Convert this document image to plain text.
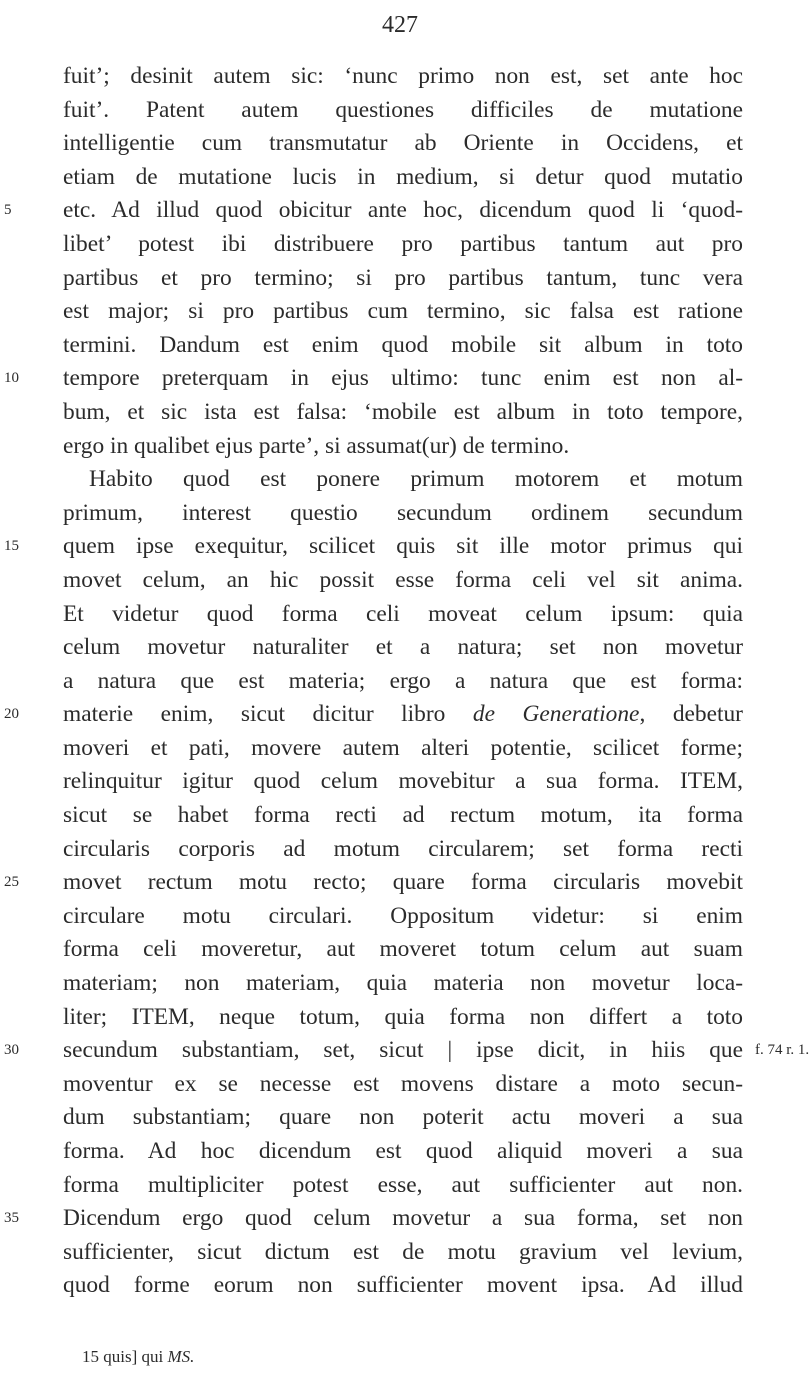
427
fuit’; desinit autem sic: ‘nunc primo non est, set ante hoc
fuit’. Patent autem questiones difficiles de mutatione
intelligentie cum transmutatur ab Oriente in Occidens, et
etiam de mutatione lucis in medium, si detur quod mutatio
5	etc. Ad illud quod obicitur ante hoc, dicendum quod li ‘quod-
libet’ potest ibi distribuere pro partibus tantum aut pro
partibus et pro termino; si pro partibus tantum, tunc vera
est major; si pro partibus cum termino, sic falsa est ratione
termini. Dandum est enim quod mobile sit album in toto
10 tempore preterquam in ejus ultimo: tunc enim est non al-
bum, et sic ista est falsa: ‘mobile est album in toto tempore,
ergo in qualibet ejus parte’, si assumat(ur) de termino.
Habito quod est ponere primum motorem et motum
primum, interest questio secundum ordinem secundum
15 quem ipse exequitur, scilicet quis sit ille motor primus qui
movet celum, an hic possit esse forma celi vel sit anima.
Et videtur quod forma celi moveat celum ipsum: quia
celum movetur naturaliter et a natura; set non movetur
a natura que est materia; ergo a natura que est forma:
20 materie enim, sicut dicitur libro de Generatione, debetur
moveri et pati, movere autem alteri potentie, scilicet forme;
relinquitur igitur quod celum movebitur a sua forma. ITEM,
sicut se habet forma recti ad rectum motum, ita forma
circularis corporis ad motum circularem; set forma recti
25 movet rectum motu recto; quare forma circularis movebit
circulare motu circulari. Oppositum videtur: si enim
forma celi moveretur, aut moveret totum celum aut suam
materiam; non materiam, quia materia non movetur loca-
liter; ITEM, neque totum, quia forma non differt a toto
30 secundum substantiam, set, sicut | ipse dicit, in hiis que f. 74 r. 1.
moventur ex se necesse est movens distare a moto secun-
dum substantiam; quare non poterit actu moveri a sua
forma. Ad hoc dicendum est quod aliquid moveri a sua
forma multipliciter potest esse, aut sufficienter aut non.
35 Dicendum ergo quod celum movetur a sua forma, set non
sufficienter, sicut dictum est de motu gravium vel levium,
quod forme eorum non sufficienter movent ipsa. Ad illud
15 quis] qui MS.
